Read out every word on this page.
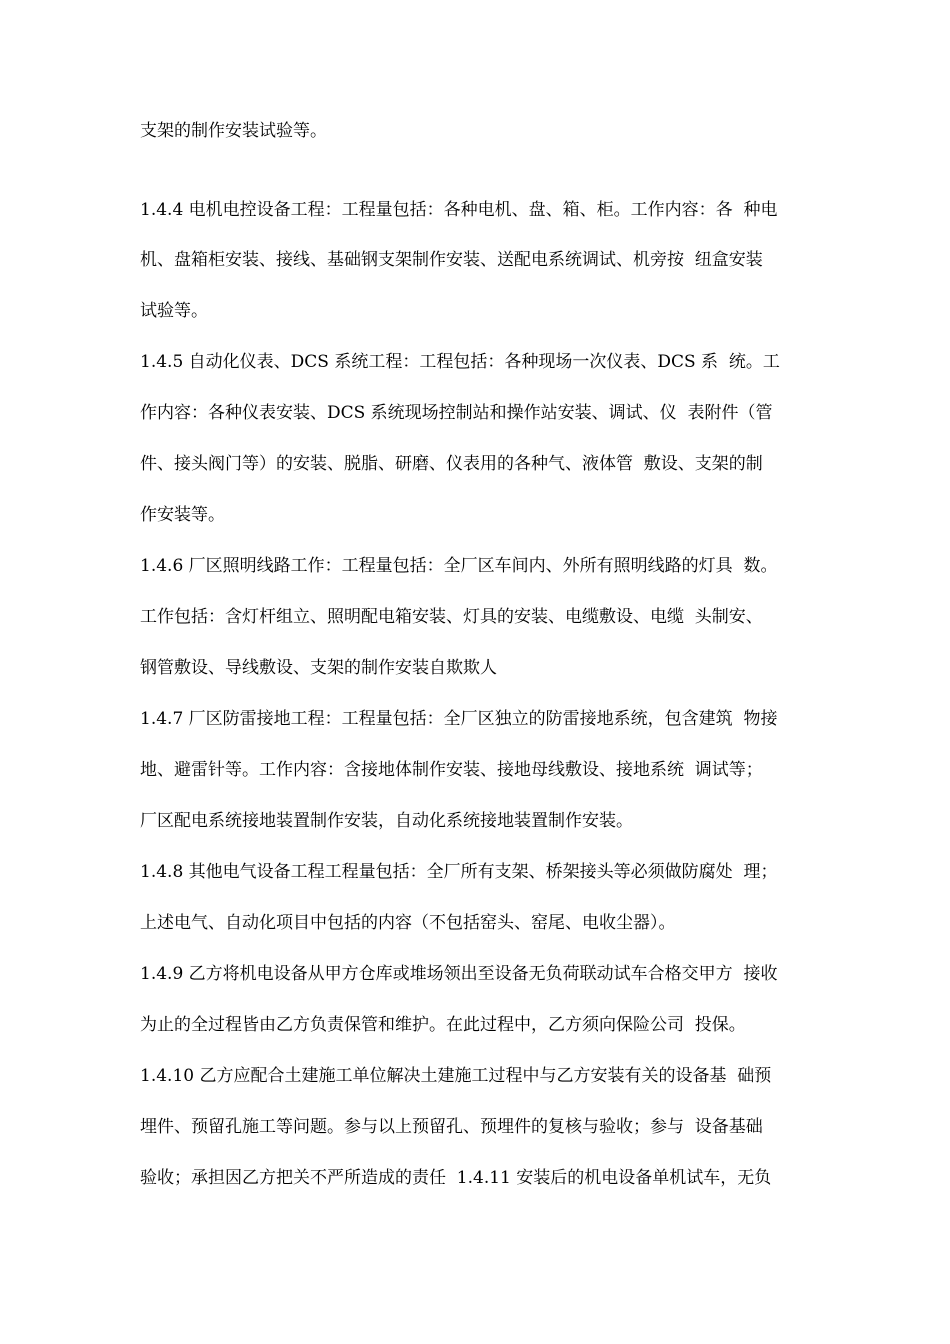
支架的制作安装试验等。
1.4.4 电机电控设备工程：工程量包括：各种电机、盘、箱、柜。工作内容：各  种电
机、盘箱柜安装、接线、基础钢支架制作安装、送配电系统调试、机旁按  纽盒安装
试验等。
1.4.5 自动化仪表、DCS 系统工程：工程包括：各种现场一次仪表、DCS 系  统。工
作内容：各种仪表安装、DCS 系统现场控制站和操作站安装、调试、仪  表附件（管
件、接头阀门等）的安装、脱脂、研磨、仪表用的各种气、液体管  敷设、支架的制
作安装等。
1.4.6 厂区照明线路工作：工程量包括：全厂区车间内、外所有照明线路的灯具  数。
工作包括：含灯杆组立、照明配电箱安装、灯具的安装、电缆敷设、电缆  头制安、
钢管敷设、导线敷设、支架的制作安装自欺欺人
1.4.7 厂区防雷接地工程：工程量包括：全厂区独立的防雷接地系统，包含建筑  物接
地、避雷针等。工作内容：含接地体制作安装、接地母线敷设、接地系统  调试等；
厂区配电系统接地装置制作安装，自动化系统接地装置制作安装。
1.4.8 其他电气设备工程工程量包括：全厂所有支架、桥架接头等必须做防腐处  理；
上述电气、自动化项目中包括的内容（不包括窑头、窑尾、电收尘器）。
1.4.9 乙方将机电设备从甲方仓库或堆场领出至设备无负荷联动试车合格交甲方  接收
为止的全过程皆由乙方负责保管和维护。在此过程中，乙方须向保险公司  投保。
1.4.10 乙方应配合土建施工单位解决土建施工过程中与乙方安装有关的设备基  础预
埋件、预留孔施工等问题。参与以上预留孔、预埋件的复核与验收；参与  设备基础
验收；承担因乙方把关不严所造成的责任  1.4.11 安装后的机电设备单机试车，无负
